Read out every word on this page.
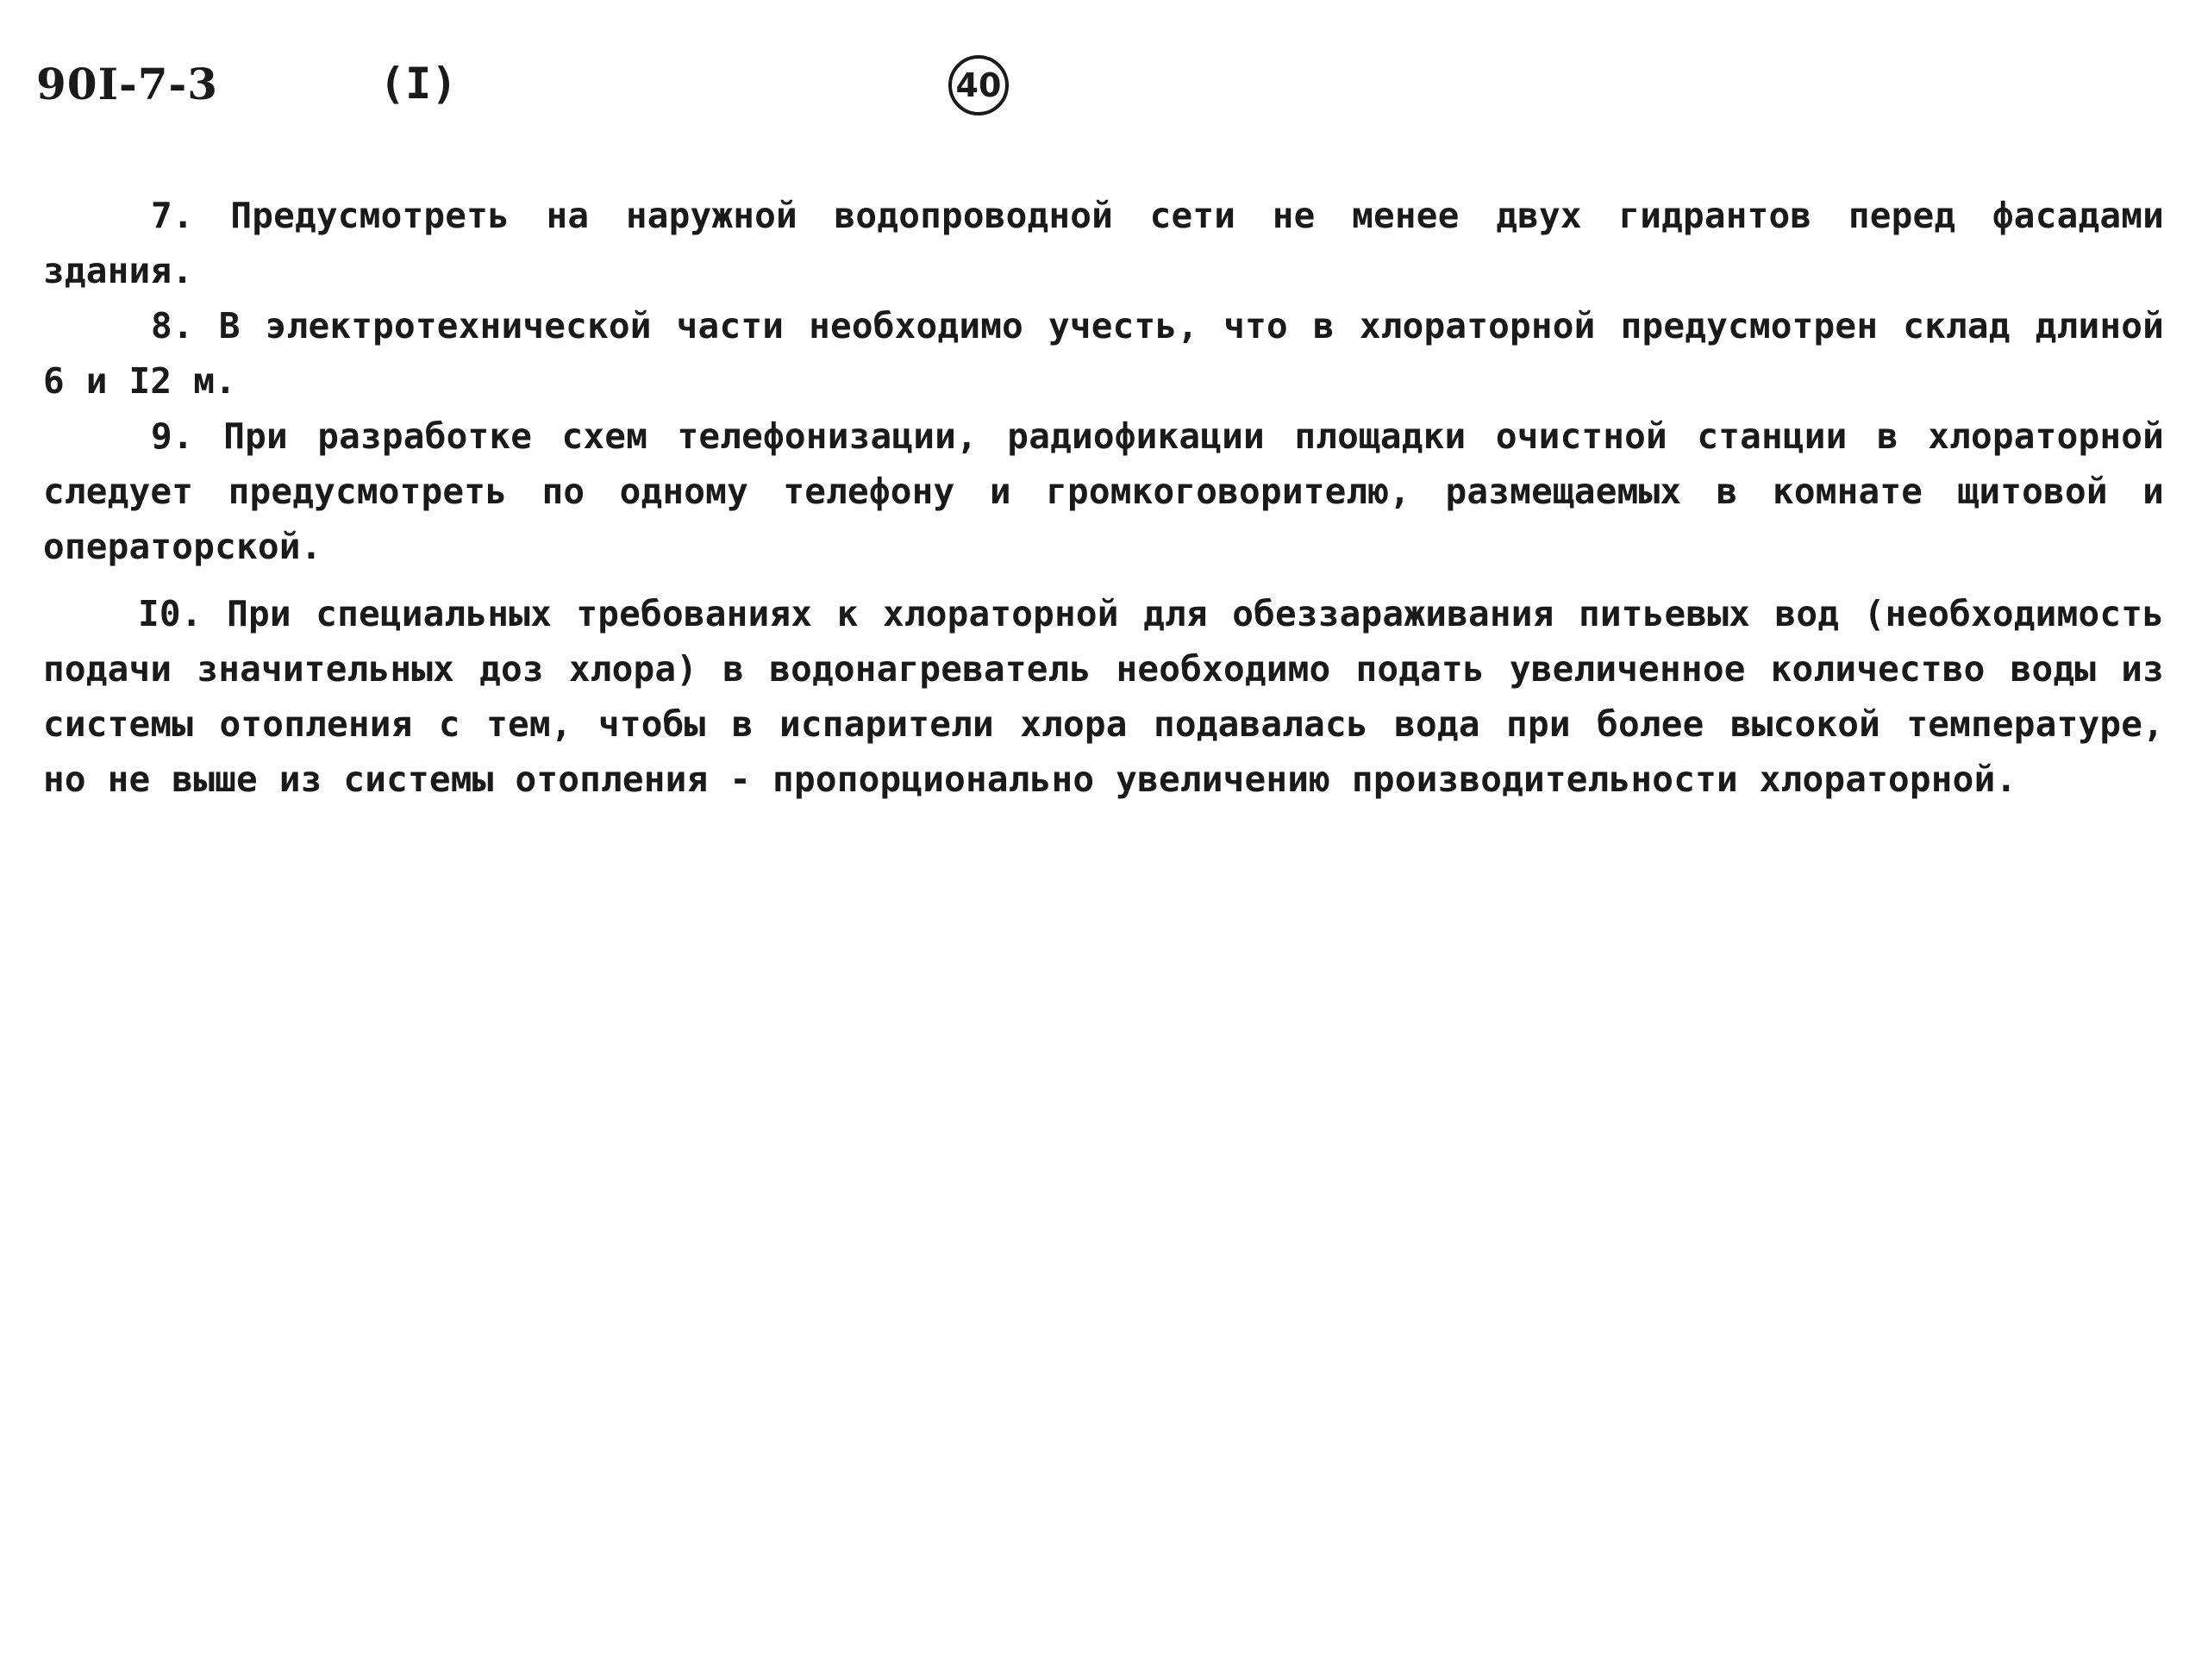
90I-7-3	(I)	40

7. Предусмотреть на наружной водопроводной сети не менее двух гидрантов перед фасадами здания.

8. В электротехнической части необходимо учесть, что в хлораторной предусмотрен склад длиной 6 и I2 м.

9. При разработке схем телефонизации, радиофикации площадки очистной станции в хлораторной следует предусмотреть по одному телефону и громкоговорителю, размещаемых в комнате щитовой и операторской.

I0. При специальных требованиях к хлораторной для обеззараживания питьевых вод (необходимость подачи значительных доз хлора) в водонагреватель необходимо подать увеличенное количество воды из системы отопления с тем, чтобы в испарители хлора подавалась вода при более высокой температуре, но не выше из системы отопления - пропорционально увеличению производительности хлораторной.
